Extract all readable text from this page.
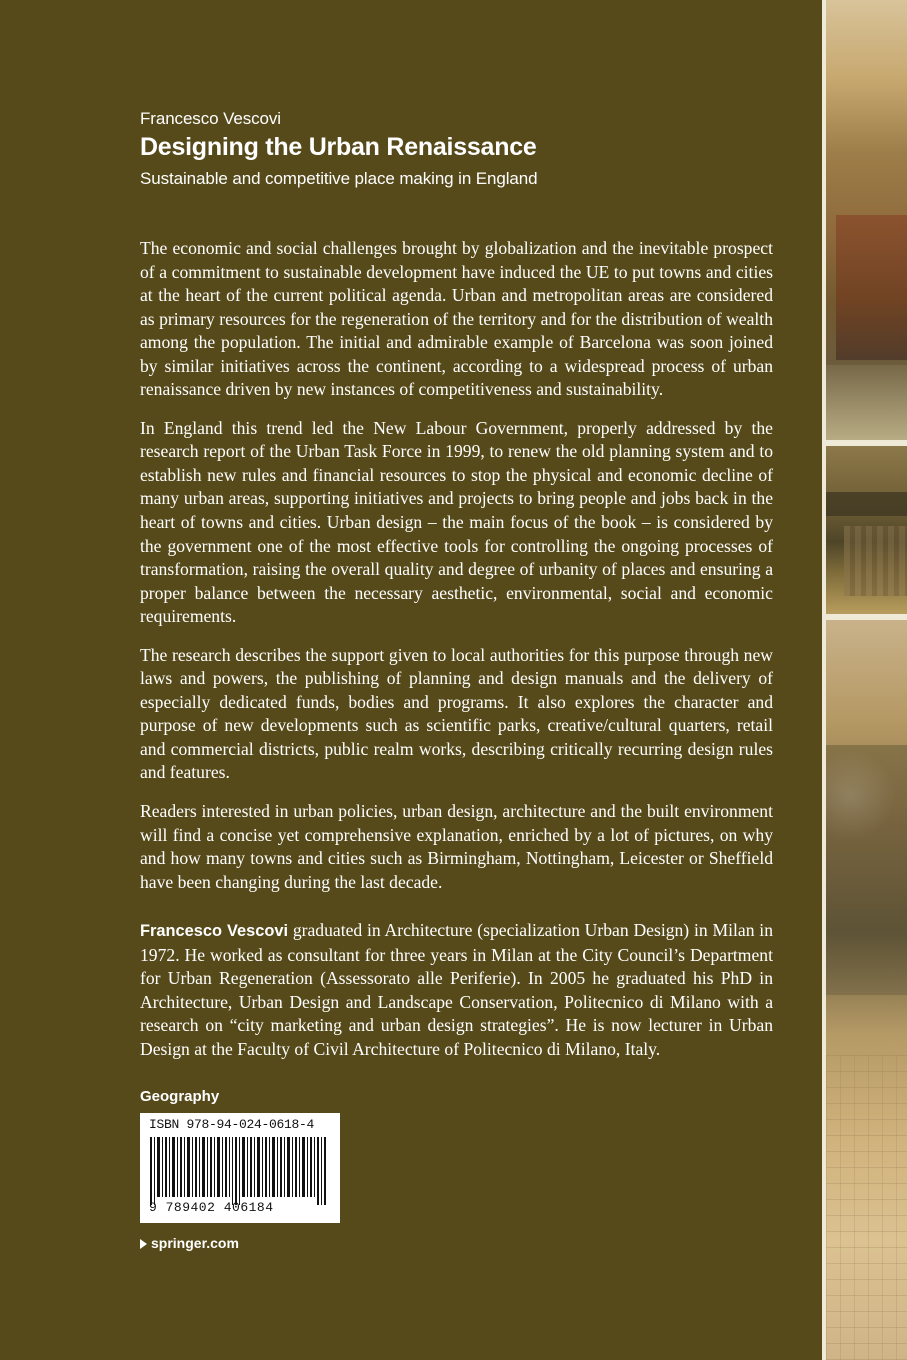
Francesco Vescovi
Designing the Urban Renaissance
Sustainable and competitive place making in England

The economic and social challenges brought by globalization and the inevitable prospect of a commitment to sustainable development have induced the UE to put towns and cities at the heart of the current political agenda. Urban and metropolitan areas are considered as primary resources for the regeneration of the territory and for the distribution of wealth among the population. The initial and admirable example of Barcelona was soon joined by similar initiatives across the continent, according to a widespread process of urban renaissance driven by new instances of competitiveness and sustainability.

In England this trend led the New Labour Government, properly addressed by the research report of the Urban Task Force in 1999, to renew the old planning system and to establish new rules and financial resources to stop the physical and economic decline of many urban areas, supporting initiatives and projects to bring people and jobs back in the heart of towns and cities. Urban design – the main focus of the book – is considered by the government one of the most effective tools for controlling the ongoing processes of transformation, raising the overall quality and degree of urbanity of places and ensuring a proper balance between the necessary aesthetic, environmental, social and economic requirements.

The research describes the support given to local authorities for this purpose through new laws and powers, the publishing of planning and design manuals and the delivery of especially dedicated funds, bodies and programs. It also explores the character and purpose of new developments such as scientific parks, creative/cultural quarters, retail and commercial districts, public realm works, describing critically recurring design rules and features.

Readers interested in urban policies, urban design, architecture and the built environment will find a concise yet comprehensive explanation, enriched by a lot of pictures, on why and how many towns and cities such as Birmingham, Nottingham, Leicester or Sheffield have been changing during the last decade.

Francesco Vescovi graduated in Architecture (specialization Urban Design) in Milan in 1972. He worked as consultant for three years in Milan at the City Council’s Department for Urban Regeneration (Assessorato alle Periferie). In 2005 he graduated his PhD in Architecture, Urban Design and Landscape Conservation, Politecnico di Milano with a research on “city marketing and urban design strategies”. He is now lecturer in Urban Design at the Faculty of Civil Architecture of Politecnico di Milano, Italy.
Geography
ISBN 978-94-024-0618-4
9 789402 406184
springer.com
